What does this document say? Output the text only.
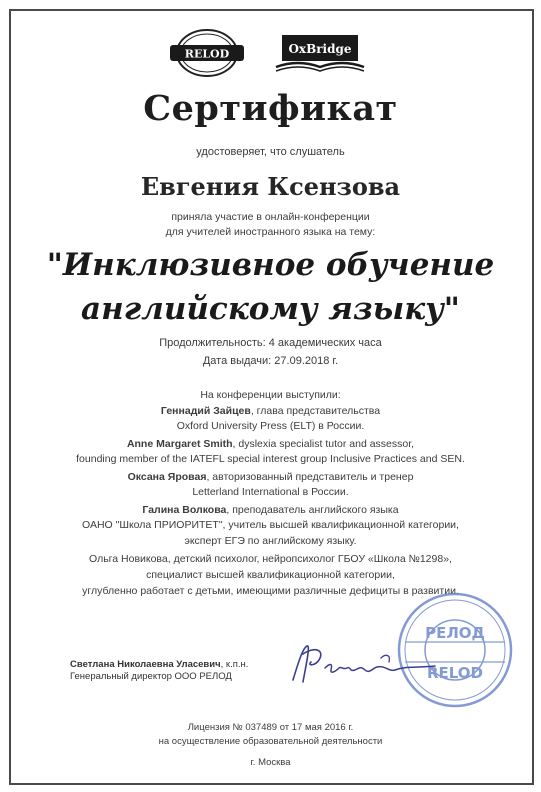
RELOD	OxBridge
Сертификат
удостоверяет, что слушатель
Евгения Ксензова
приняла участие в онлайн-конференции
для учителей иностранного языка на тему:
"Инклюзивное обучение
английскому языку"
Продолжительность: 4 академических часа
Дата выдачи: 27.09.2018 г.
На конференции выступили:
Геннадий Зайцев, глава представительства
Oxford University Press (ELT) в России.
Anne Margaret Smith, dyslexia specialist tutor and assessor,
founding member of the IATEFL special interest group Inclusive Practices and SEN.
Оксана Яровая, авторизованный представитель и тренер
Letterland International в России.
Галина Волкова, преподаватель английского языка
ОАНО "Школа ПРИОРИТЕТ", учитель высшей квалификационной категории,
эксперт ЕГЭ по английскому языку.
Ольга Новикова, детский психолог, нейропсихолог ГБОУ «Школа №1298»,
специалист высшей квалификационной категории,
углубленно работает с детьми, имеющими различные дефициты в развитии.
РЕЛОД
RELOD
Светлана Николаевна Уласевич, к.п.н.
Генеральный директор ООО РЕЛОД
Лицензия № 037489 от 17 мая 2016 г.
на осуществление образовательной деятельности
г. Москва
